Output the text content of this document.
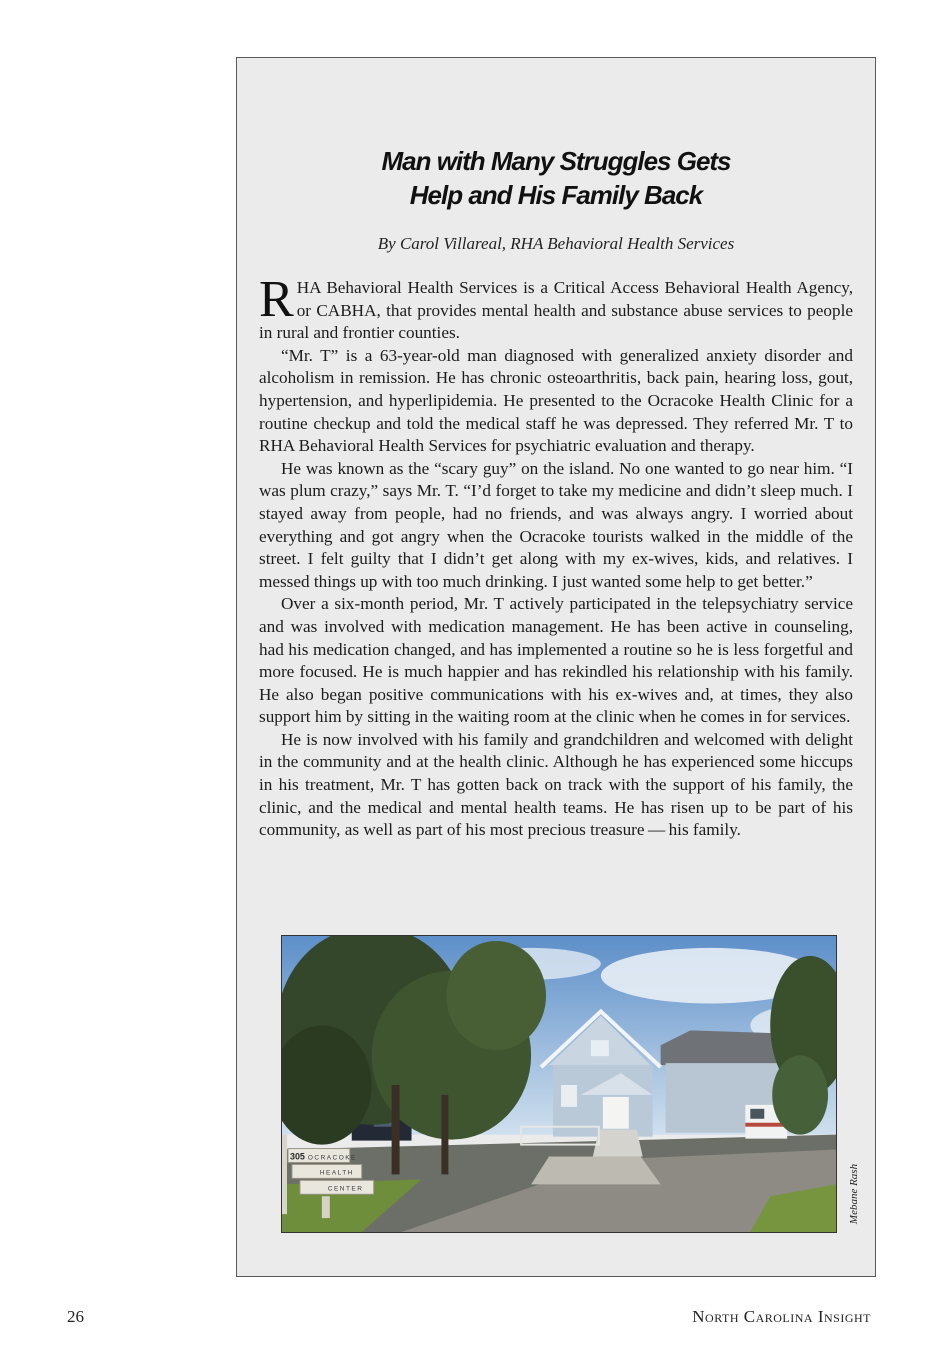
Man with Many Struggles Gets
Help and His Family Back
By Carol Villareal, RHA Behavioral Health Services

RHA Behavioral Health Services is a Critical Access Behavioral Health Agency, or CABHA, that provides mental health and substance abuse services to people in rural and frontier counties.

“Mr. T” is a 63-year-old man diagnosed with generalized anxiety disorder and alcoholism in remission. He has chronic osteoarthritis, back pain, hearing loss, gout, hypertension, and hyperlipidemia. He presented to the Ocracoke Health Clinic for a routine checkup and told the medical staff he was depressed. They referred Mr. T to RHA Behavioral Health Services for psychiatric evaluation and therapy.

He was known as the “scary guy” on the island. No one wanted to go near him. “I was plum crazy,” says Mr. T. “I’d forget to take my medicine and didn’t sleep much. I stayed away from people, had no friends, and was always angry. I worried about everything and got angry when the Ocracoke tourists walked in the middle of the street. I felt guilty that I didn’t get along with my ex-wives, kids, and relatives. I messed things up with too much drinking. I just wanted some help to get better.”

Over a six-month period, Mr. T actively participated in the telepsychiatry service and was involved with medication management. He has been active in counseling, had his medication changed, and has implemented a routine so he is less forgetful and more focused. He is much happier and has rekindled his relationship with his family. He also began positive communications with his ex-wives and, at times, they also support him by sitting in the waiting room at the clinic when he comes in for services.

He is now involved with his family and grandchildren and welcomed with delight in the community and at the health clinic. Although he has experienced some hiccups in his treatment, Mr. T has gotten back on track with the support of his family, the clinic, and the medical and mental health teams. He has risen up to be part of his community, as well as part of his most precious treasure — his family.

305 OCRACOKE
HEALTH
CENTER	Mebane Rash
26	North Carolina Insight
